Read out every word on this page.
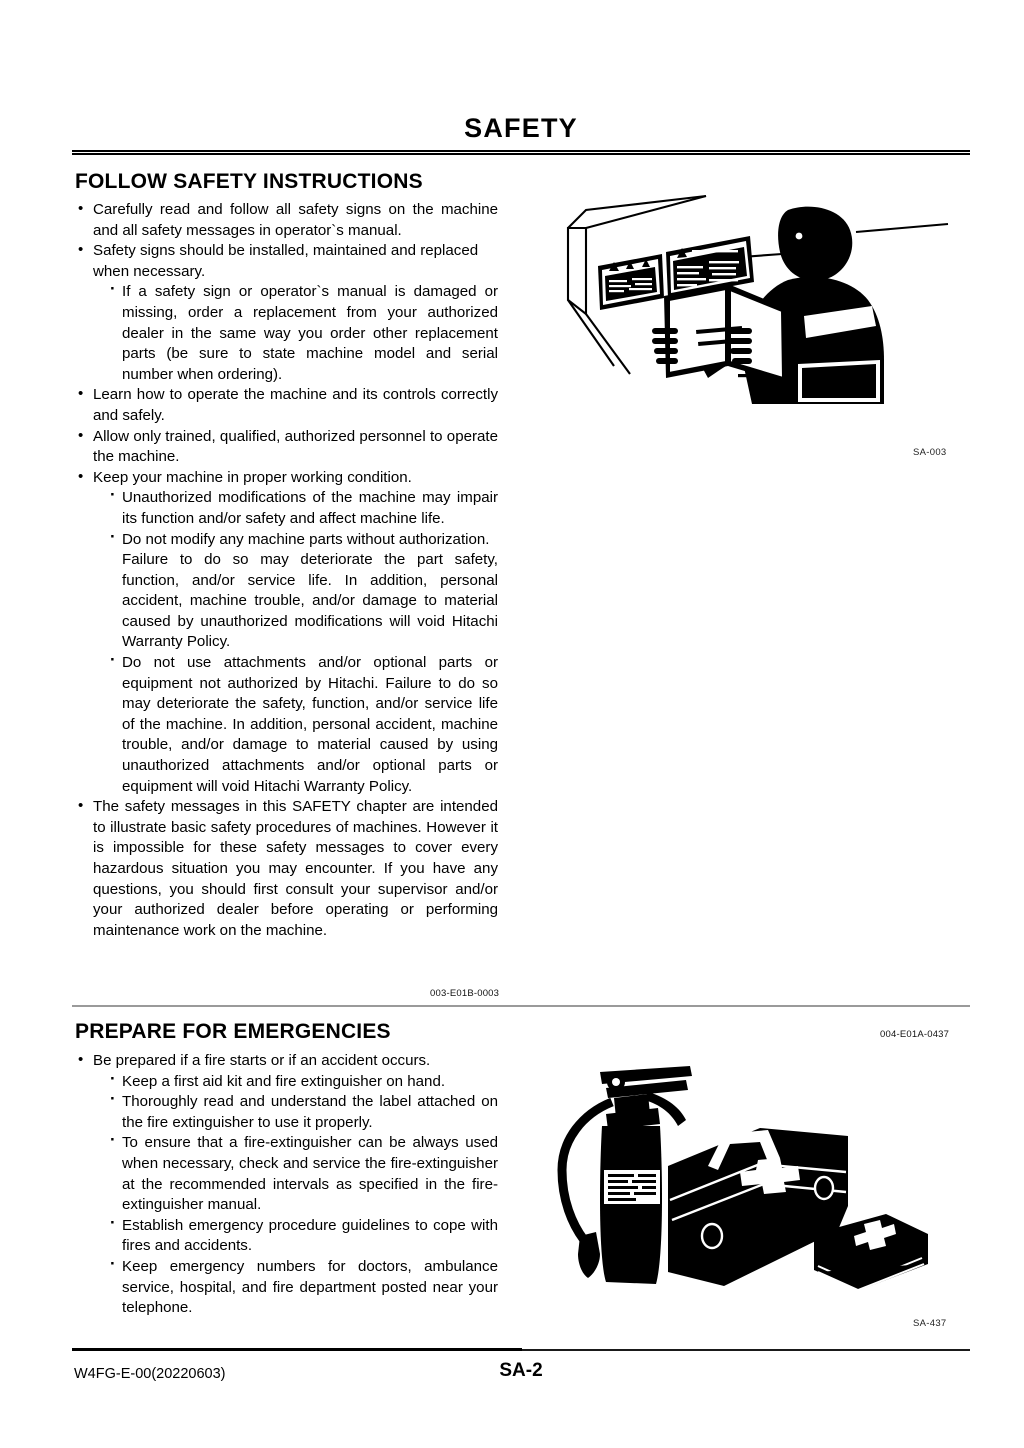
SAFETY
FOLLOW SAFETY INSTRUCTIONS
• Carefully read and follow all safety signs on the machine and all safety messages in operator`s manual.
• Safety signs should be installed, maintained and replaced when necessary.
· If a safety sign or operator`s manual is damaged or missing, order a replacement from your authorized dealer in the same way you order other replacement parts (be sure to state machine model and serial number when ordering).
• Learn how to operate the machine and its controls correctly and safely.
• Allow only trained, qualified, authorized personnel to operate the machine.
• Keep your machine in proper working condition.
· Unauthorized modifications of the machine may impair its function and/or safety and affect machine life.
· Do not modify any machine parts without authorization.
Failure to do so may deteriorate the part safety, function, and/or service life. In addition, personal accident, machine trouble, and/or damage to material caused by unauthorized modifications will void Hitachi Warranty Policy.
· Do not use attachments and/or optional parts or equipment not authorized by Hitachi. Failure to do so may deteriorate the safety, function, and/or service life of the machine. In addition, personal accident, machine trouble, and/or damage to material caused by using unauthorized attachments and/or optional parts or equipment will void Hitachi Warranty Policy.
• The safety messages in this SAFETY chapter are intended to illustrate basic safety procedures of machines. However it is impossible for these safety messages to cover every hazardous situation you may encounter. If you have any questions, you should first consult your supervisor and/or your authorized dealer before operating or performing maintenance work on the machine.
SA-003
003-E01B-0003
PREPARE FOR EMERGENCIES	004-E01A-0437
• Be prepared if a fire starts or if an accident occurs.
· Keep a first aid kit and fire extinguisher on hand.
· Thoroughly read and understand the label attached on the fire extinguisher to use it properly.
· To ensure that a fire-extinguisher can be always used when necessary, check and service the fire-extinguisher at the recommended intervals as specified in the fire-extinguisher manual.
· Establish emergency procedure guidelines to cope with fires and accidents.
· Keep emergency numbers for doctors, ambulance service, hospital, and fire department posted near your telephone.
SA-437
W4FG-E-00(20220603)	SA-2
